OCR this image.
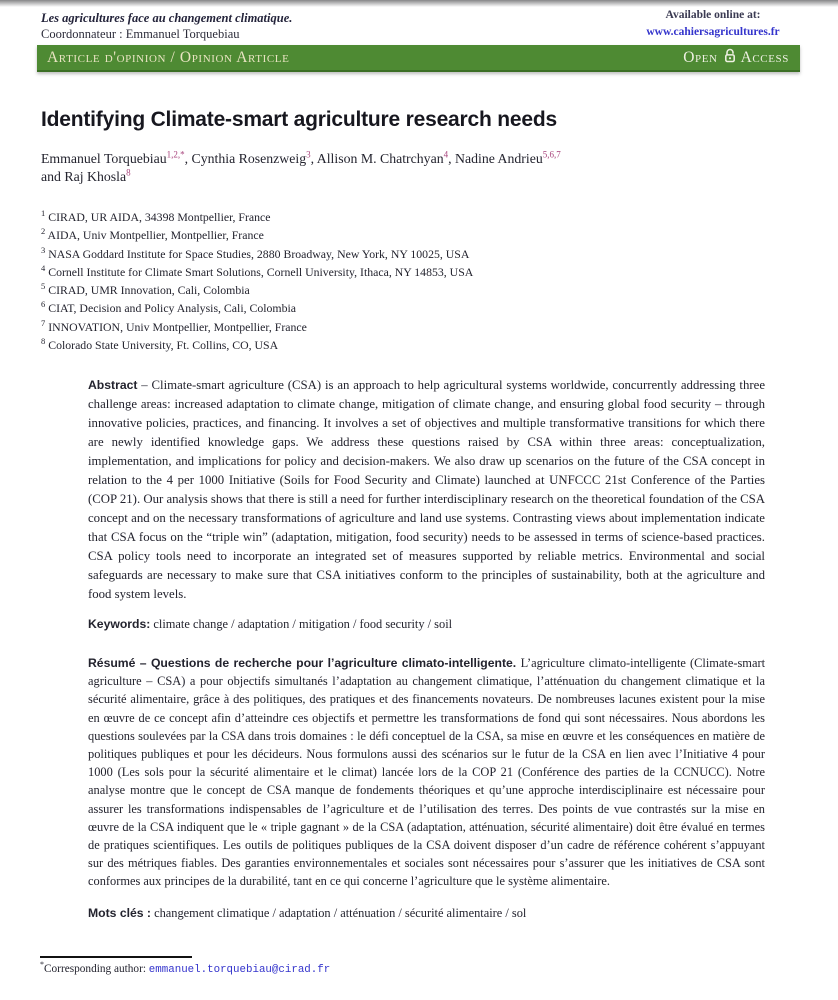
Les agricultures face au changement climatique.
Coordonnateur : Emmanuel Torquebiau
Available online at:
www.cahiersagricultures.fr
Article d'opinion / Opinion Article	Open Access
Identifying Climate-smart agriculture research needs
Emmanuel Torquebiau$^{1,2,*}$, Cynthia Rosenzweig$^3$, Allison M. Chatrchyan$^4$, Nadine Andrieu$^{5,6,7}$
and Raj Khosla$^8$
$^1$ CIRAD, UR AIDA, 34398 Montpellier, France
$^2$ AIDA, Univ Montpellier, Montpellier, France
$^3$ NASA Goddard Institute for Space Studies, 2880 Broadway, New York, NY 10025, USA
$^4$ Cornell Institute for Climate Smart Solutions, Cornell University, Ithaca, NY 14853, USA
$^5$ CIRAD, UMR Innovation, Cali, Colombia
$^6$ CIAT, Decision and Policy Analysis, Cali, Colombia
$^7$ INNOVATION, Univ Montpellier, Montpellier, France
$^8$ Colorado State University, Ft. Collins, CO, USA

Abstract – Climate-smart agriculture (CSA) is an approach to help agricultural systems worldwide, concurrently addressing three challenge areas: increased adaptation to climate change, mitigation of climate change, and ensuring global food security – through innovative policies, practices, and financing. It involves a set of objectives and multiple transformative transitions for which there are newly identified knowledge gaps. We address these questions raised by CSA within three areas: conceptualization, implementation, and implications for policy and decision-makers. We also draw up scenarios on the future of the CSA concept in relation to the 4 per 1000 Initiative (Soils for Food Security and Climate) launched at UNFCCC 21st Conference of the Parties (COP 21). Our analysis shows that there is still a need for further interdisciplinary research on the theoretical foundation of the CSA concept and on the necessary transformations of agriculture and land use systems. Contrasting views about implementation indicate that CSA focus on the “triple win” (adaptation, mitigation, food security) needs to be assessed in terms of science-based practices. CSA policy tools need to incorporate an integrated set of measures supported by reliable metrics. Environmental and social safeguards are necessary to make sure that CSA initiatives conform to the principles of sustainability, both at the agriculture and food system levels.

Keywords: climate change / adaptation / mitigation / food security / soil

Résumé – Questions de recherche pour l’agriculture climato-intelligente. L’agriculture climato-intelligente (Climate-smart agriculture – CSA) a pour objectifs simultanés l’adaptation au changement climatique, l’atténuation du changement climatique et la sécurité alimentaire, grâce à des politiques, des pratiques et des financements novateurs. De nombreuses lacunes existent pour la mise en œuvre de ce concept afin d’atteindre ces objectifs et permettre les transformations de fond qui sont nécessaires. Nous abordons les questions soulevées par la CSA dans trois domaines : le défi conceptuel de la CSA, sa mise en œuvre et les conséquences en matière de politiques publiques et pour les décideurs. Nous formulons aussi des scénarios sur le futur de la CSA en lien avec l’Initiative 4 pour 1000 (Les sols pour la sécurité alimentaire et le climat) lancée lors de la COP 21 (Conférence des parties de la CCNUCC). Notre analyse montre que le concept de CSA manque de fondements théoriques et qu’une approche interdisciplinaire est nécessaire pour assurer les transformations indispensables de l’agriculture et de l’utilisation des terres. Des points de vue contrastés sur la mise en œuvre de la CSA indiquent que le « triple gagnant » de la CSA (adaptation, atténuation, sécurité alimentaire) doit être évalué en termes de pratiques scientifiques. Les outils de politiques publiques de la CSA doivent disposer d’un cadre de référence cohérent s’appuyant sur des métriques fiables. Des garanties environnementales et sociales sont nécessaires pour s’assurer que les initiatives de CSA sont conformes aux principes de la durabilité, tant en ce qui concerne l’agriculture que le système alimentaire.

Mots clés : changement climatique / adaptation / atténuation / sécurité alimentaire / sol

*Corresponding author: emmanuel.torquebiau@cirad.fr
